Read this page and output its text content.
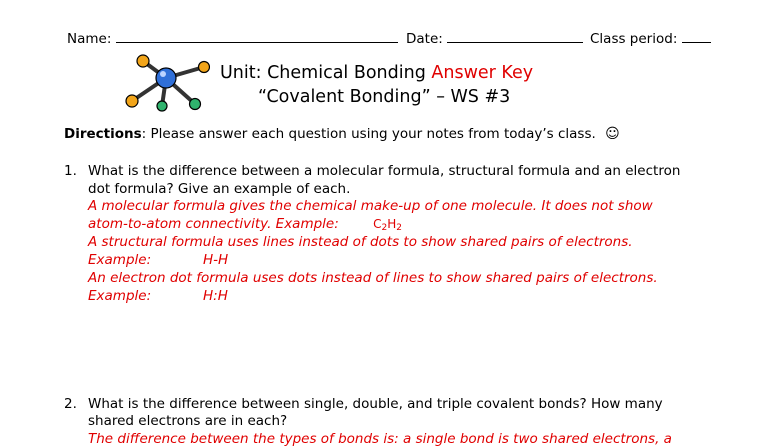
Name:	Date:	Class period:
Unit: Chemical Bonding Answer Key
“Covalent Bonding” – WS #3
Directions: Please answer each question using your notes from today’s class. ☺
1. What is the difference between a molecular formula, structural formula and an electron
dot formula? Give an example of each.
A molecular formula gives the chemical make-up of one molecule. It does not show
atom-to-atom connectivity. Example:	$C_2H_2$
A structural formula uses lines instead of dots to show shared pairs of electrons.
Example:	H-H
An electron dot formula uses dots instead of lines to show shared pairs of electrons.
Example:	H:H
2. What is the difference between single, double, and triple covalent bonds? How many
shared electrons are in each?
The difference between the types of bonds is: a single bond is two shared electrons, a
